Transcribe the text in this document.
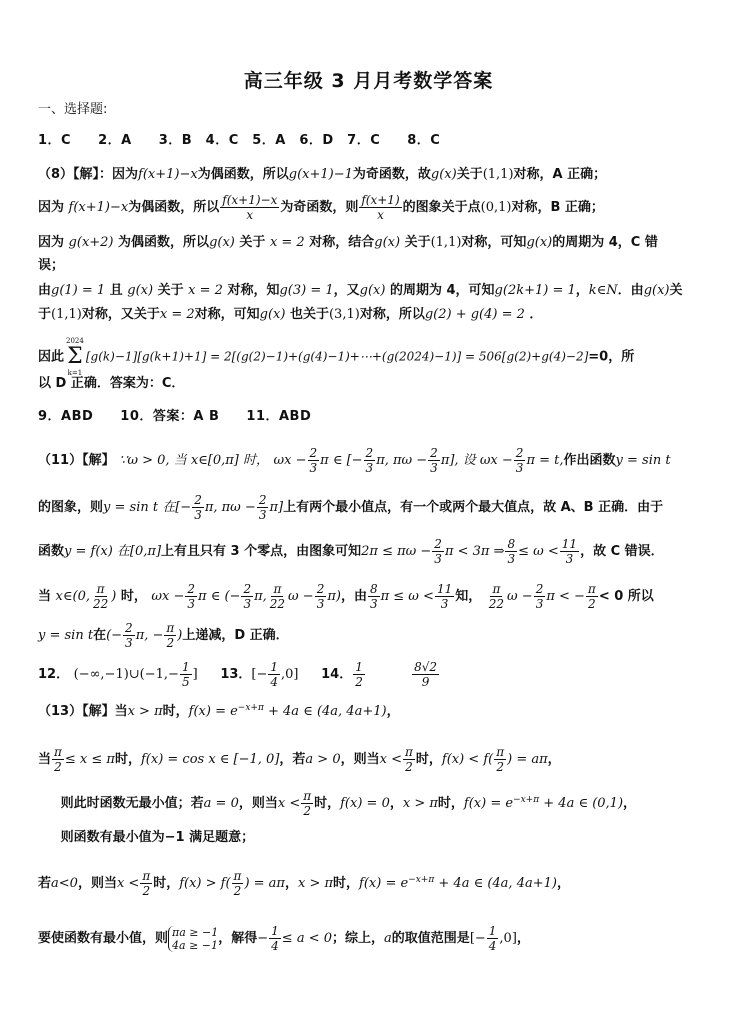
高三年级 3 月月考数学答案
一、选择题:
1．C　　2．A　　3．B　4．C　5．A　6．D　7．C　　8．C
（8）【解】：因为f(x+1)−x为偶函数，所以g(x+1)−1为奇函数，故g(x)关于(1,1)对称，A 正确；
因为 f(x+1)−x为偶函数，所以 $\frac{f(x+1)-x}{x}$ 为奇函数，则 $\frac{f(x+1)}{x}$ 的图象关于点(0,1)对称，B 正确；
因为 g(x+2) 为偶函数，所以g(x) 关于 x = 2 对称，结合g(x) 关于(1,1)对称，可知g(x)的周期为 4，C 错
误；
由g(1) = 1 且 g(x) 关于 x = 2 对称，知g(3) = 1，又g(x) 的周期为 4，可知g(2k+1) = 1，k∈N．由g(x)关
于(1,1)对称，又关于x = 2对称，可知g(x) 也关于(3,1)对称，所以g(2) + g(4) = 2 ．
因此
2024
Σ
k=1
[g(k)−1][g(k+1)+1] = 2[(g(2)−1)+(g(4)−1)+⋯+(g(2024)−1)] = 506[g(2)+g(4)−2]=0，所
以 D 正确．答案为：C．
9．ABD　　10．答案：A B　　11．ABD
（11）【解】 ∵ω > 0, 当 x∈[0,π] 时， $\omega x - \frac{2}{3}$ π ∈ [− $\frac{2}{3} \pi$, $\pi\omega - \frac{2}{3} \pi$], 设 $\omega x - \frac{2}{3}$ π = t,作出函数y = sin t
的图象，则y = sin t 在[− $\frac{2}{3} \pi$, $\pi\omega - \frac{2}{3} \pi$]上有两个最小值点，有一个或两个最大值点，故 A、B 正确．由于
函数y = f(x) 在[0,π]上有且只有 3 个零点，由图象可知$2\pi \le \pi\omega - \frac{2}{3}$ π < 3π ⇒ $\frac{8}{3} \le \omega < \frac{11}{3}$ ，故 C 错误．
当 x∈(0, $\frac{\pi}{22}$ ) 时， $\omega x - \frac{2}{3}$ π ∈ (− $\frac{2}{3} \pi$, $\frac{\pi}{22}$ $\omega - \frac{2}{3} \pi$)，由 $\frac{8}{3}$ $\pi \le \omega < \frac{11}{3}$ 知， $\frac{\pi}{22}$ $\omega - \frac{2}{3}$ π < − $\frac{\pi}{2} < 0$ 所以
y = sin t在(− $\frac{2}{3} \pi$, − $\frac{\pi}{2}$ )上递减，D 正确．
12． (−∞,−1)∪(−1,− $\frac{1}{5}$ ] 13．[− $\frac{1}{4} ,0$] 14． $\frac{1}{2}$
	$\frac{8√2}{9}$
（13）【解】当x > π时，$f(x) = e^{-x+\pi} + 4a$ ∈ (4a, 4a+1)，
当 $\frac{\pi}{2} \le x \le \pi$时，f(x) = cos x ∈ [−1, 0]，若a > 0，则当$x < \frac{\pi}{2}$ 时，$f(x) < f( \frac{\pi}{2}$ ) = aπ，
则此时函数无最小值；若a = 0，则当$x < \frac{\pi}{2}$ 时，f(x) = 0，x > π时，$f(x) = e^{-x+\pi} + 4a$ ∈ (0,1)，
则函数有最小值为−1 满足题意；
若a<0，则当$x < \frac{\pi}{2}$ 时，$f(x) > f( \frac{\pi}{2}$ ) = aπ，x > π时，$f(x) = e^{-x+\pi} + 4a$ ∈ (4a, 4a+1)，
要使函数有最小值，则 πa ≥ −1
4a ≥ −1 ，解得− $\frac{1}{4} \le a < 0$；综上，a的取值范围是[− $\frac{1}{4} ,0$]，
